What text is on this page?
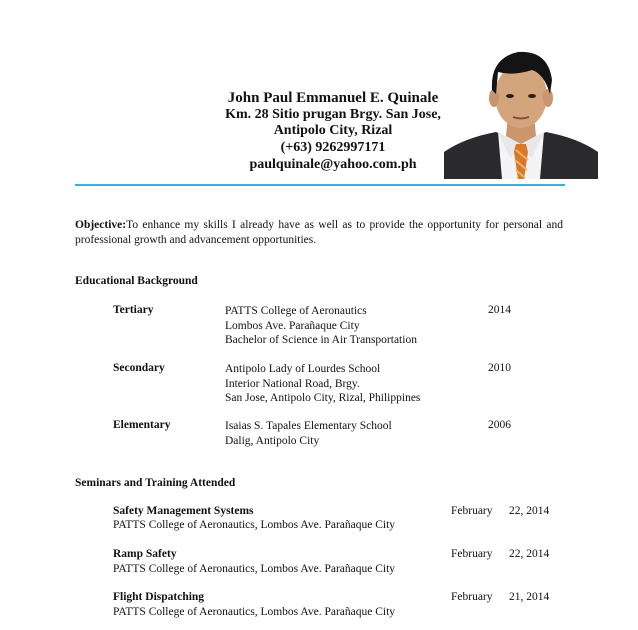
John Paul Emmanuel E. Quinale
Km. 28 Sitio prugan Brgy. San Jose,
Antipolo City, Rizal
(+63) 9262997171
paulquinale@yahoo.com.ph
Objective:To enhance my skills I already have as well as to provide the opportunity for personal and professional growth and advancement opportunities.
Educational Background
Tertiary	PATTS College of Aeronautics
Lombos Ave. Parañaque City
Bachelor of Science in Air Transportation
2014
Secondary	Antipolo Lady of Lourdes School
Interior National Road, Brgy.
San Jose, Antipolo City, Rizal, Philippines
2010
Elementary	Isaias S. Tapales Elementary School
Dalig, Antipolo City
2006
Seminars and Training Attended
Safety Management Systems
PATTS College of Aeronautics, Lombos Ave. Parañaque City
February 22, 2014
Ramp Safety
PATTS College of Aeronautics, Lombos Ave. Parañaque City
February 22, 2014
Flight Dispatching
PATTS College of Aeronautics, Lombos Ave. Parañaque City
February 21, 2014
